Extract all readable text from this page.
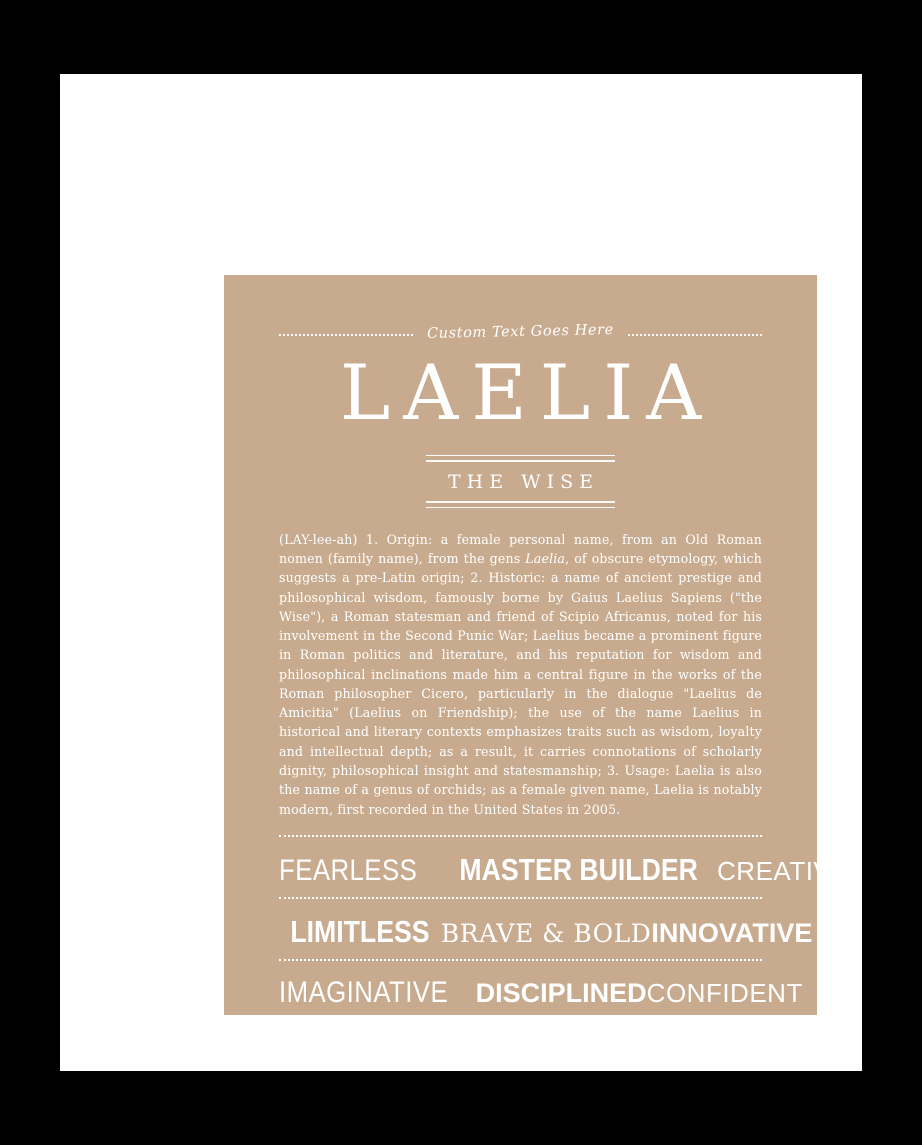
Custom Text Goes Here
LAELIA
THE WISE
(LAY-lee-ah) 1. Origin: a female personal name, from an Old Roman nomen (family name), from the gens Laelia, of obscure etymology, which suggests a pre-Latin origin; 2. Historic: a name of ancient prestige and philosophical wisdom, famously borne by Gaius Laelius Sapiens ("the Wise"), a Roman statesman and friend of Scipio Africanus, noted for his involvement in the Second Punic War; Laelius became a prominent figure in Roman politics and literature, and his reputation for wisdom and philosophical inclinations made him a central figure in the works of the Roman philosopher Cicero, particularly in the dialogue "Laelius de Amicitia" (Laelius on Friendship); the use of the name Laelius in historical and literary contexts emphasizes traits such as wisdom, loyalty and intellectual depth; as a result, it carries connotations of scholarly dignity, philosophical insight and statesmanship; 3. Usage: Laelia is also the name of a genus of orchids; as a female given name, Laelia is notably modern, first recorded in the United States in 2005.
FEARLESS MASTER BUILDER CREATIVE
LIMITLESS BRAVE & BOLD INNOVATIVE
IMAGINATIVE DISCIPLINED CONFIDENT
